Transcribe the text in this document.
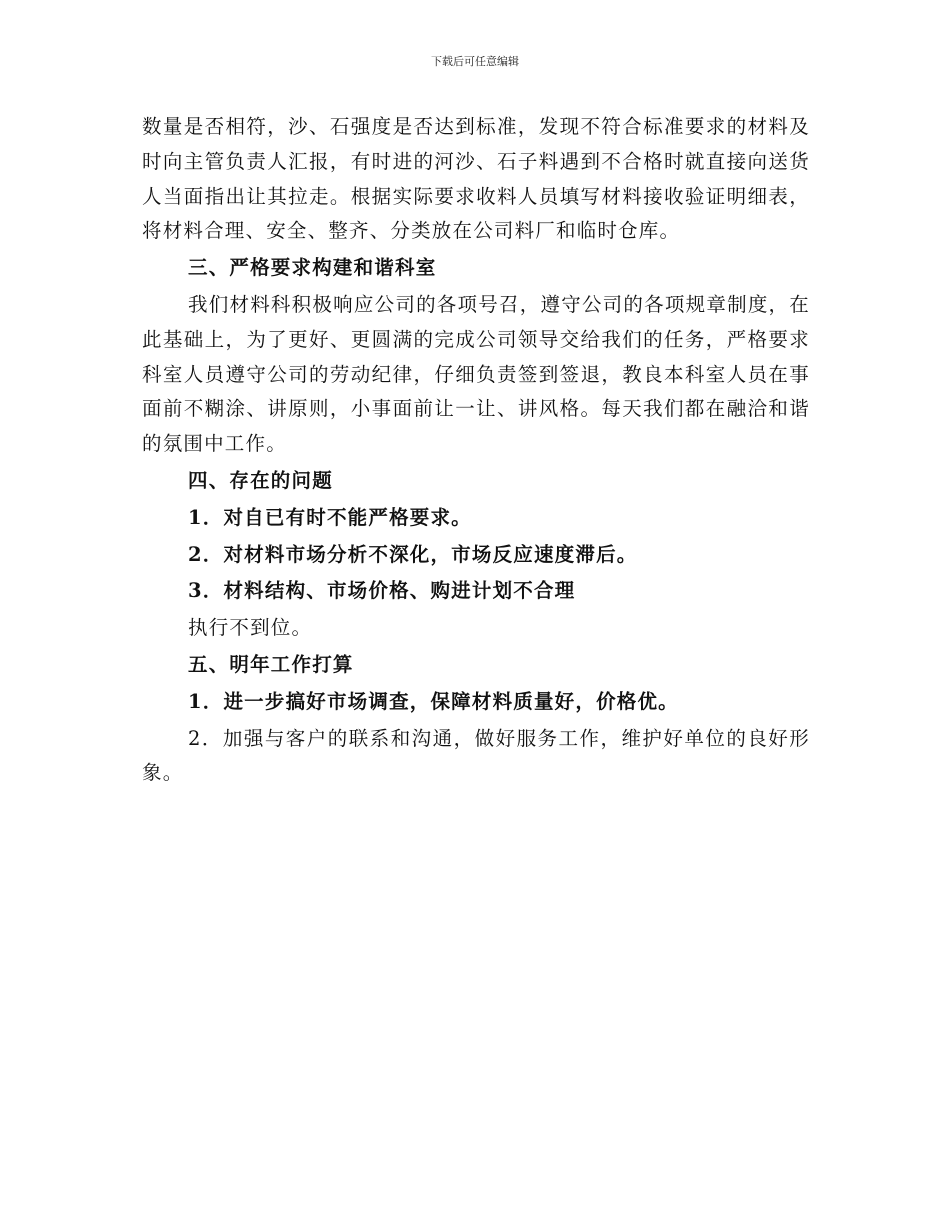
下载后可任意编辑

数量是否相符，沙、石强度是否达到标准，发现不符合标准要求的材料及时向主管负责人汇报，有时进的河沙、石子料遇到不合格时就直接向送货人当面指出让其拉走。根据实际要求收料人员填写材料接收验证明细表，将材料合理、安全、整齐、分类放在公司料厂和临时仓库。

三、严格要求构建和谐科室

我们材料科积极响应公司的各项号召，遵守公司的各项规章制度，在此基础上，为了更好、更圆满的完成公司领导交给我们的任务，严格要求科室人员遵守公司的劳动纪律，仔细负责签到签退，教良本科室人员在事面前不糊涂、讲原则，小事面前让一让、讲风格。每天我们都在融洽和谐的氛围中工作。

四、存在的问题

1．对自已有时不能严格要求。

2．对材料市场分析不深化，市场反应速度滞后。

3．材料结构、市场价格、购进计划不合理

执行不到位。

五、明年工作打算

1．进一步搞好市场调查，保障材料质量好，价格优。

2．加强与客户的联系和沟通，做好服务工作，维护好单位的良好形象。
